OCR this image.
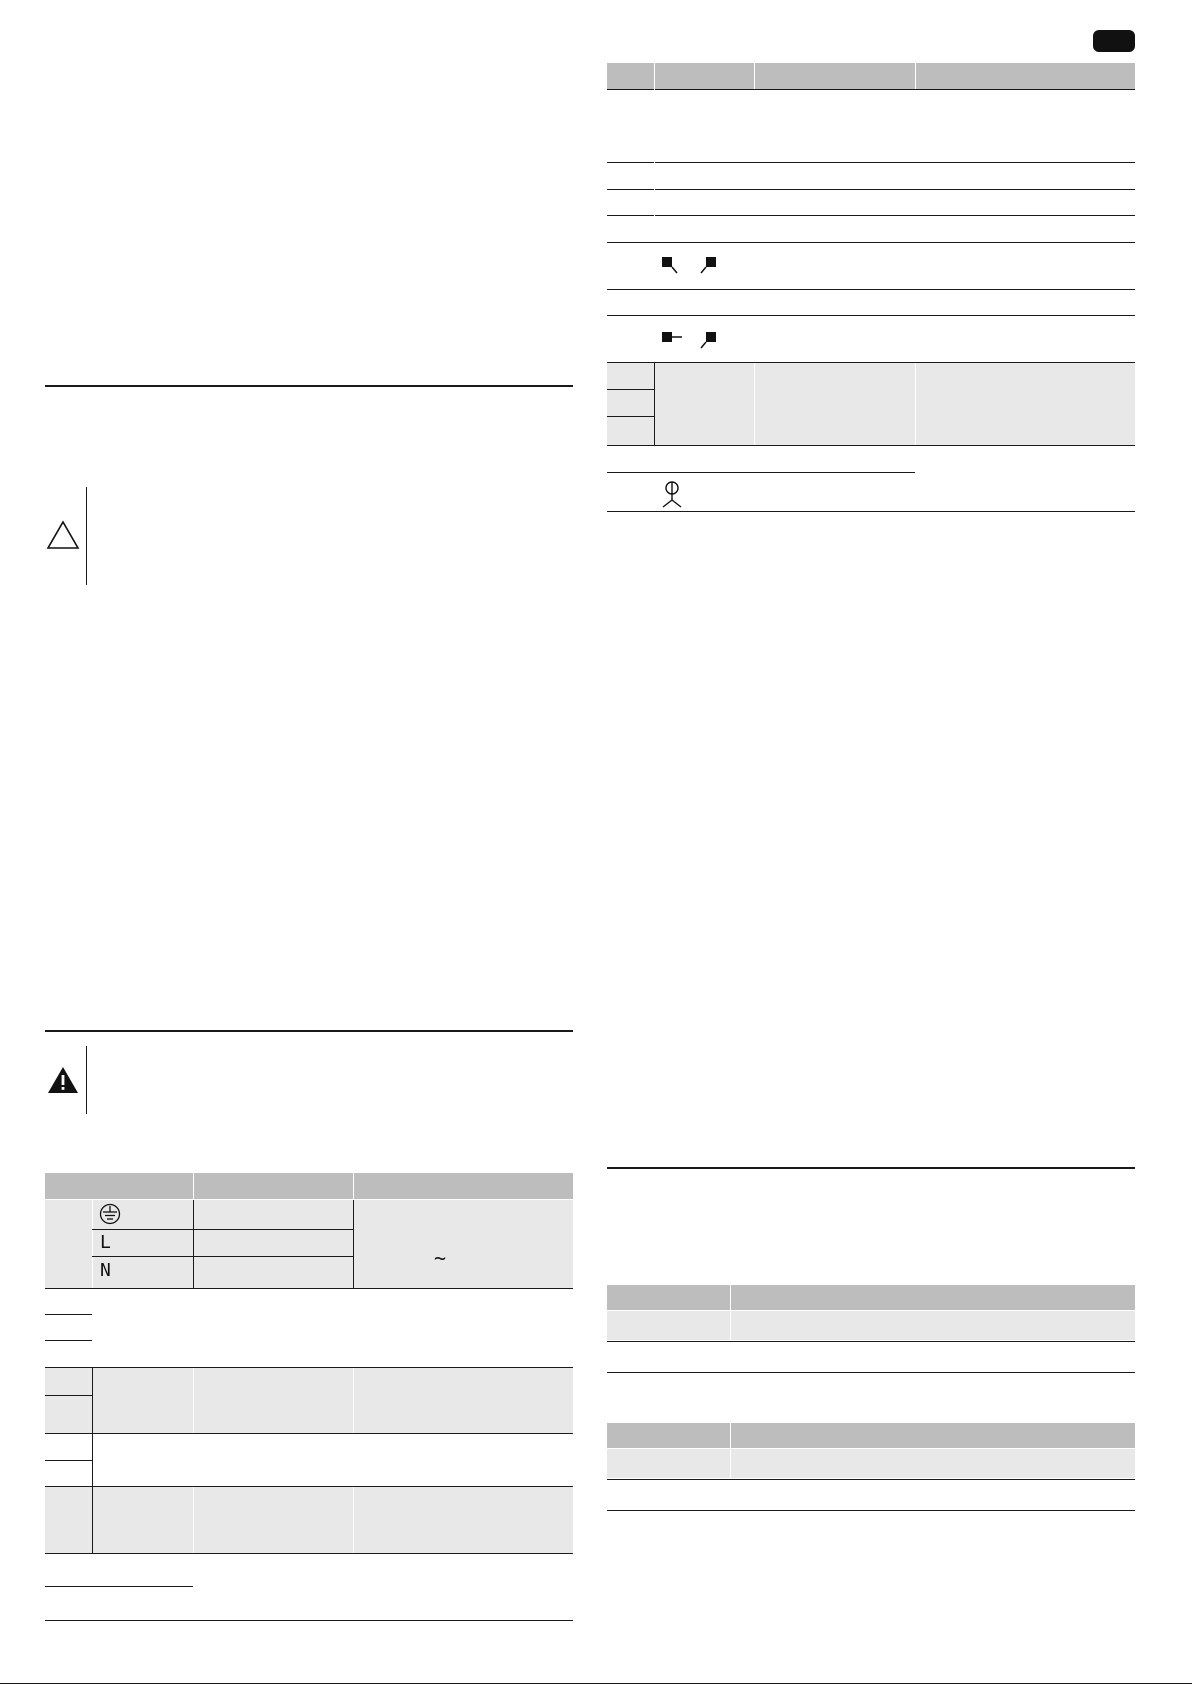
L
N
~
